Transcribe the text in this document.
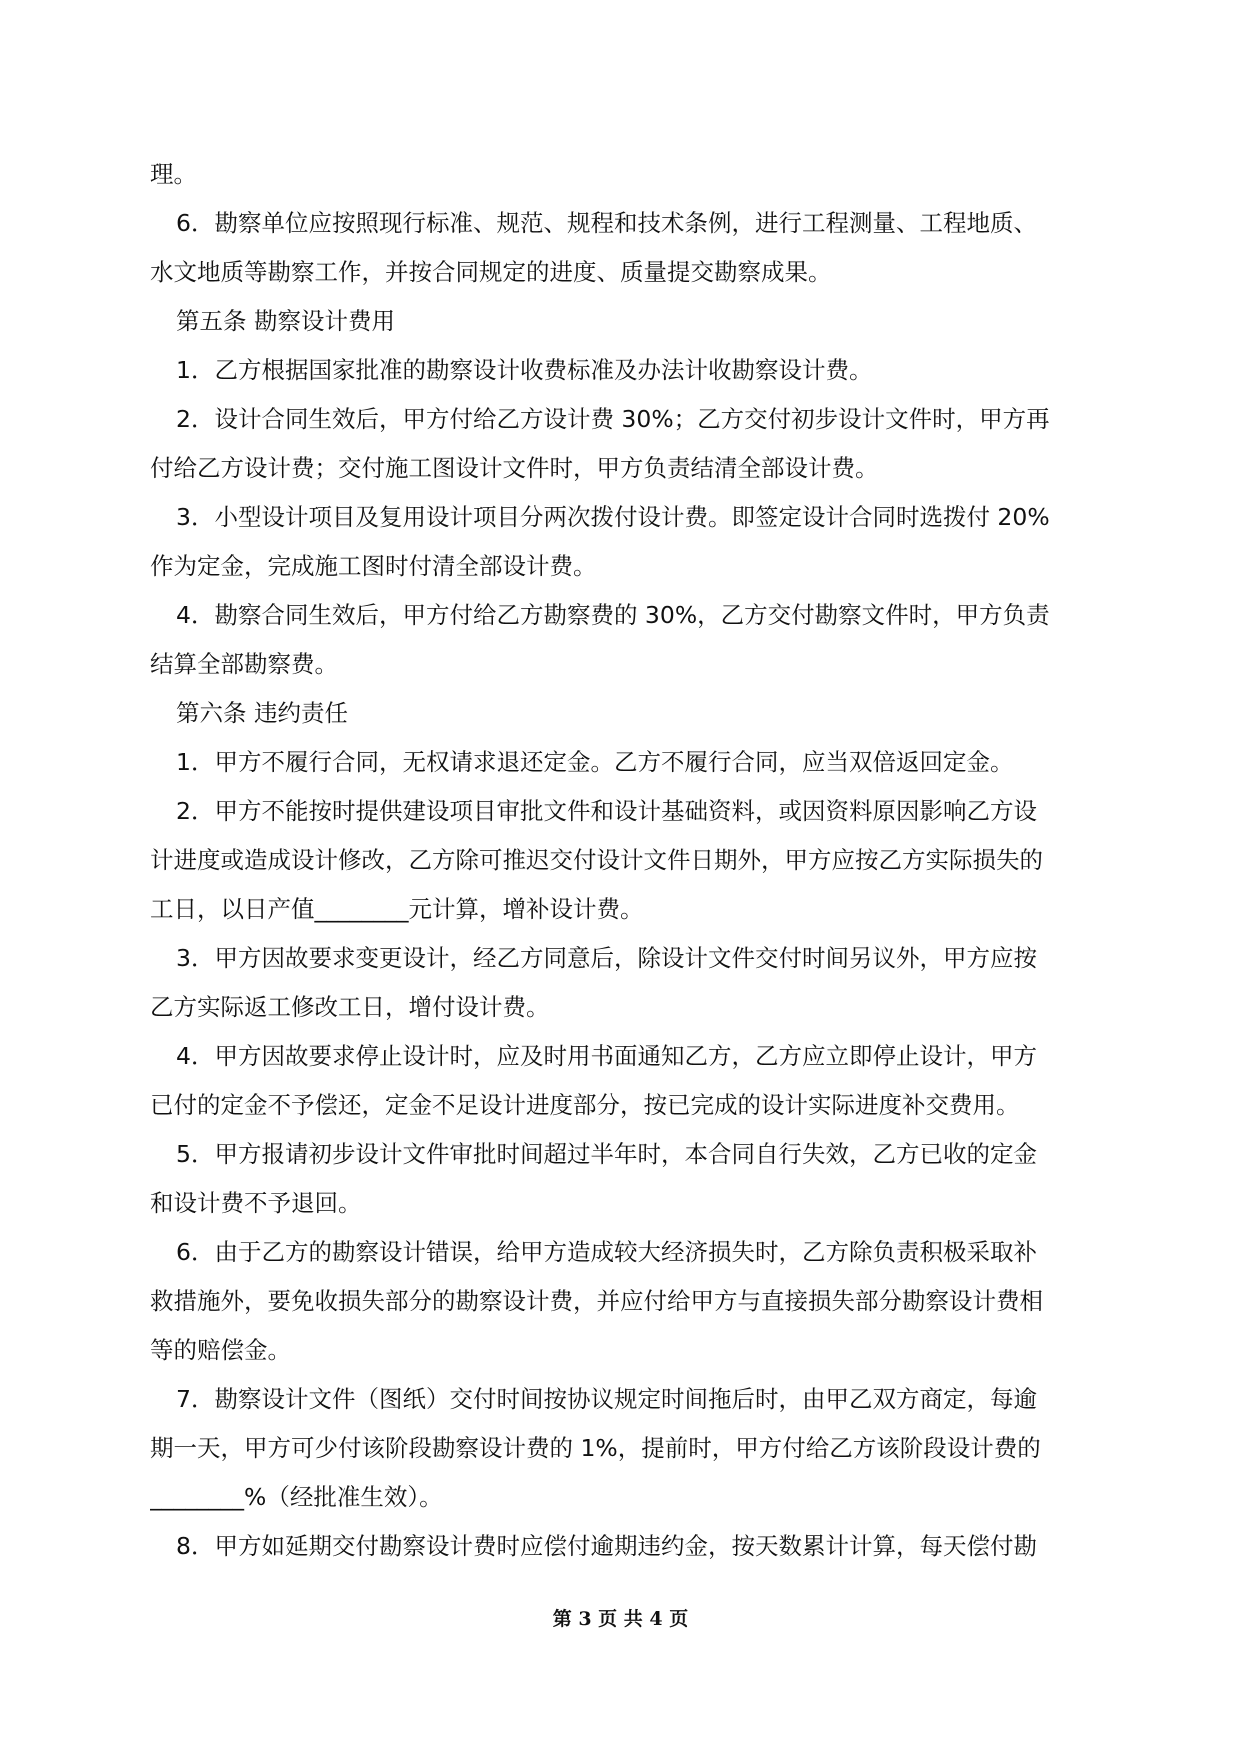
理。
6．勘察单位应按照现行标准、规范、规程和技术条例，进行工程测量、工程地质、
水文地质等勘察工作，并按合同规定的进度、质量提交勘察成果。
第五条 勘察设计费用
1．乙方根据国家批准的勘察设计收费标准及办法计收勘察设计费。
2．设计合同生效后，甲方付给乙方设计费 30%；乙方交付初步设计文件时，甲方再
付给乙方设计费；交付施工图设计文件时，甲方负责结清全部设计费。
3．小型设计项目及复用设计项目分两次拨付设计费。即签定设计合同时选拨付 20%
作为定金，完成施工图时付清全部设计费。
4．勘察合同生效后，甲方付给乙方勘察费的 30%，乙方交付勘察文件时，甲方负责
结算全部勘察费。
第六条 违约责任
1．甲方不履行合同，无权请求退还定金。乙方不履行合同，应当双倍返回定金。
2．甲方不能按时提供建设项目审批文件和设计基础资料，或因资料原因影响乙方设
计进度或造成设计修改，乙方除可推迟交付设计文件日期外，甲方应按乙方实际损失的
工日，以日产值________元计算，增补设计费。
3．甲方因故要求变更设计，经乙方同意后，除设计文件交付时间另议外，甲方应按
乙方实际返工修改工日，增付设计费。
4．甲方因故要求停止设计时，应及时用书面通知乙方，乙方应立即停止设计，甲方
已付的定金不予偿还，定金不足设计进度部分，按已完成的设计实际进度补交费用。
5．甲方报请初步设计文件审批时间超过半年时，本合同自行失效，乙方已收的定金
和设计费不予退回。
6．由于乙方的勘察设计错误，给甲方造成较大经济损失时，乙方除负责积极采取补
救措施外，要免收损失部分的勘察设计费，并应付给甲方与直接损失部分勘察设计费相
等的赔偿金。
7．勘察设计文件（图纸）交付时间按协议规定时间拖后时，由甲乙双方商定，每逾
期一天，甲方可少付该阶段勘察设计费的 1%，提前时，甲方付给乙方该阶段设计费的
________%（经批准生效）。
8．甲方如延期交付勘察设计费时应偿付逾期违约金，按天数累计计算，每天偿付勘
第 3 页 共 4 页
